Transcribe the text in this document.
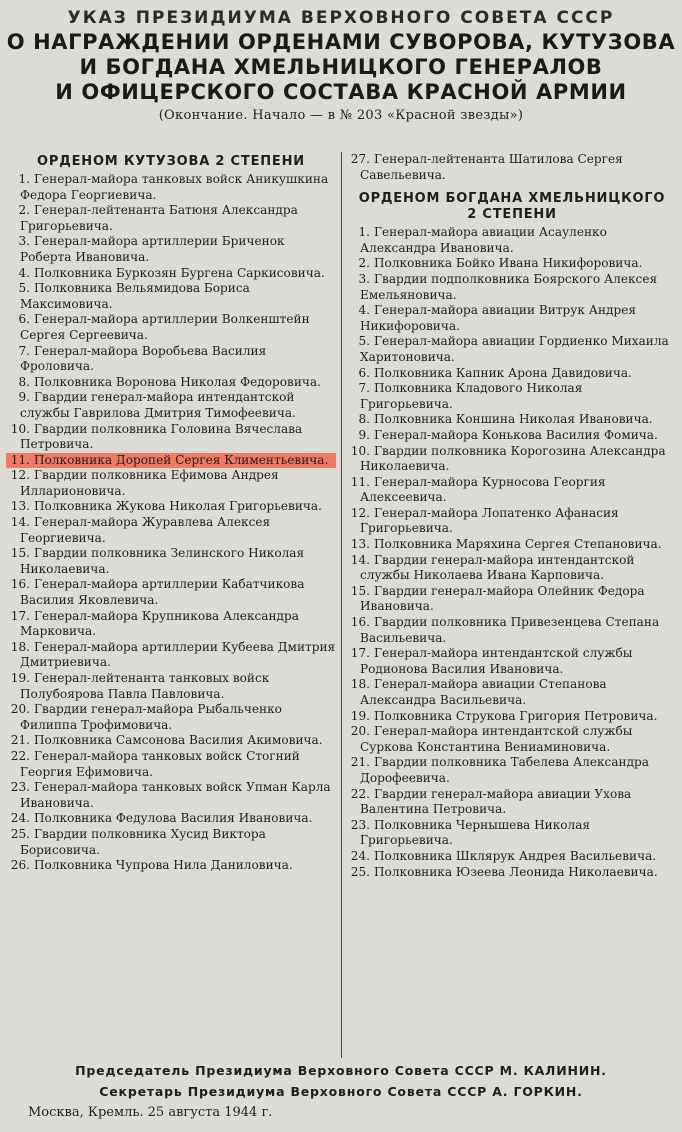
УКАЗ ПРЕЗИДИУМА ВЕРХОВНОГО СОВЕТА СССР
О НАГРАЖДЕНИИ ОРДЕНАМИ СУВОРОВА, КУТУЗОВА
И БОГДАНА ХМЕЛЬНИЦКОГО ГЕНЕРАЛОВ
И ОФИЦЕРСКОГО СОСТАВА КРАСНОЙ АРМИИ
(Окончание. Начало — в № 203 «Красной звезды»)
ОРДЕНОМ КУТУЗОВА 2 СТЕПЕНИ
1. Генерал-майора танковых войск Аникушкина Федора Георгиевича.
2. Генерал-лейтенанта Батюня Александра Григорьевича.
3. Генерал-майора артиллерии Бриченок Роберта Ивановича.
4. Полковника Буркозян Бургена Саркисовича.
5. Полковника Вельямидова Бориса Максимовича.
6. Генерал-майора артиллерии Волкенштейн Сергея Сергеевича.
7. Генерал-майора Воробьева Василия Фроловича.
8. Полковника Воронова Николая Федоровича.
9. Гвардии генерал-майора интендантской службы Гаврилова Дмитрия Тимофеевича.
10. Гвардии полковника Головина Вячеслава Петровича.
11. Полковника Доропей Сергея Климентьевича.
12. Гвардии полковника Ефимова Андрея Илларионовича.
13. Полковника Жукова Николая Григорьевича.
14. Генерал-майора Журавлева Алексея Георгиевича.
15. Гвардии полковника Зелинского Николая Николаевича.
16. Генерал-майора артиллерии Кабатчикова Василия Яковлевича.
17. Генерал-майора Крупникова Александра Марковича.
18. Генерал-майора артиллерии Кубеева Дмитрия Дмитриевича.
19. Генерал-лейтенанта танковых войск Полубоярова Павла Павловича.
20. Гвардии генерал-майора Рыбальченко Филиппа Трофимовича.
21. Полковника Самсонова Василия Акимовича.
22. Генерал-майора танковых войск Стогний Георгия Ефимовича.
23. Генерал-майора танковых войск Упман Карла Ивановича.
24. Полковника Федулова Василия Ивановича.
25. Гвардии полковника Хусид Виктора Борисовича.
26. Полковника Чупрова Нила Даниловича.
27. Генерал-лейтенанта Шатилова Сергея Савельевича.
ОРДЕНОМ БОГДАНА ХМЕЛЬНИЦКОГО
2 СТЕПЕНИ
1. Генерал-майора авиации Асауленко Александра Ивановича.
2. Полковника Бойко Ивана Никифоровича.
3. Гвардии подполковника Боярского Алексея Емельяновича.
4. Генерал-майора авиации Витрук Андрея Никифоровича.
5. Генерал-майора авиации Гордиенко Михаила Харитоновича.
6. Полковника Капник Арона Давидовича.
7. Полковника Кладового Николая Григорьевича.
8. Полковника Коншина Николая Ивановича.
9. Генерал-майора Конькова Василия Фомича.
10. Гвардии полковника Корогозина Александра Николаевича.
11. Генерал-майора Курносова Георгия Алексеевича.
12. Генерал-майора Лопатенко Афанасия Григорьевича.
13. Полковника Маряхина Сергея Степановича.
14. Гвардии генерал-майора интендантской службы Николаева Ивана Карповича.
15. Гвардии генерал-майора Олейник Федора Ивановича.
16. Гвардии полковника Привезенцева Степана Васильевича.
17. Генерал-майора интендантской службы Родионова Василия Ивановича.
18. Генерал-майора авиации Степанова Александра Васильевича.
19. Полковника Струкова Григория Петровича.
20. Генерал-майора интендантской службы Суркова Константина Вениаминовича.
21. Гвардии полковника Табелева Александра Дорофеевича.
22. Гвардии генерал-майора авиации Ухова Валентина Петровича.
23. Полковника Чернышева Николая Григорьевича.
24. Полковника Шклярук Андрея Васильевича.
25. Полковника Юзеева Леонида Николаевича.
Председатель Президиума Верховного Совета СССР М. КАЛИНИН.
Секретарь Президиума Верховного Совета СССР А. ГОРКИН.
Москва, Кремль. 25 августа 1944 г.
